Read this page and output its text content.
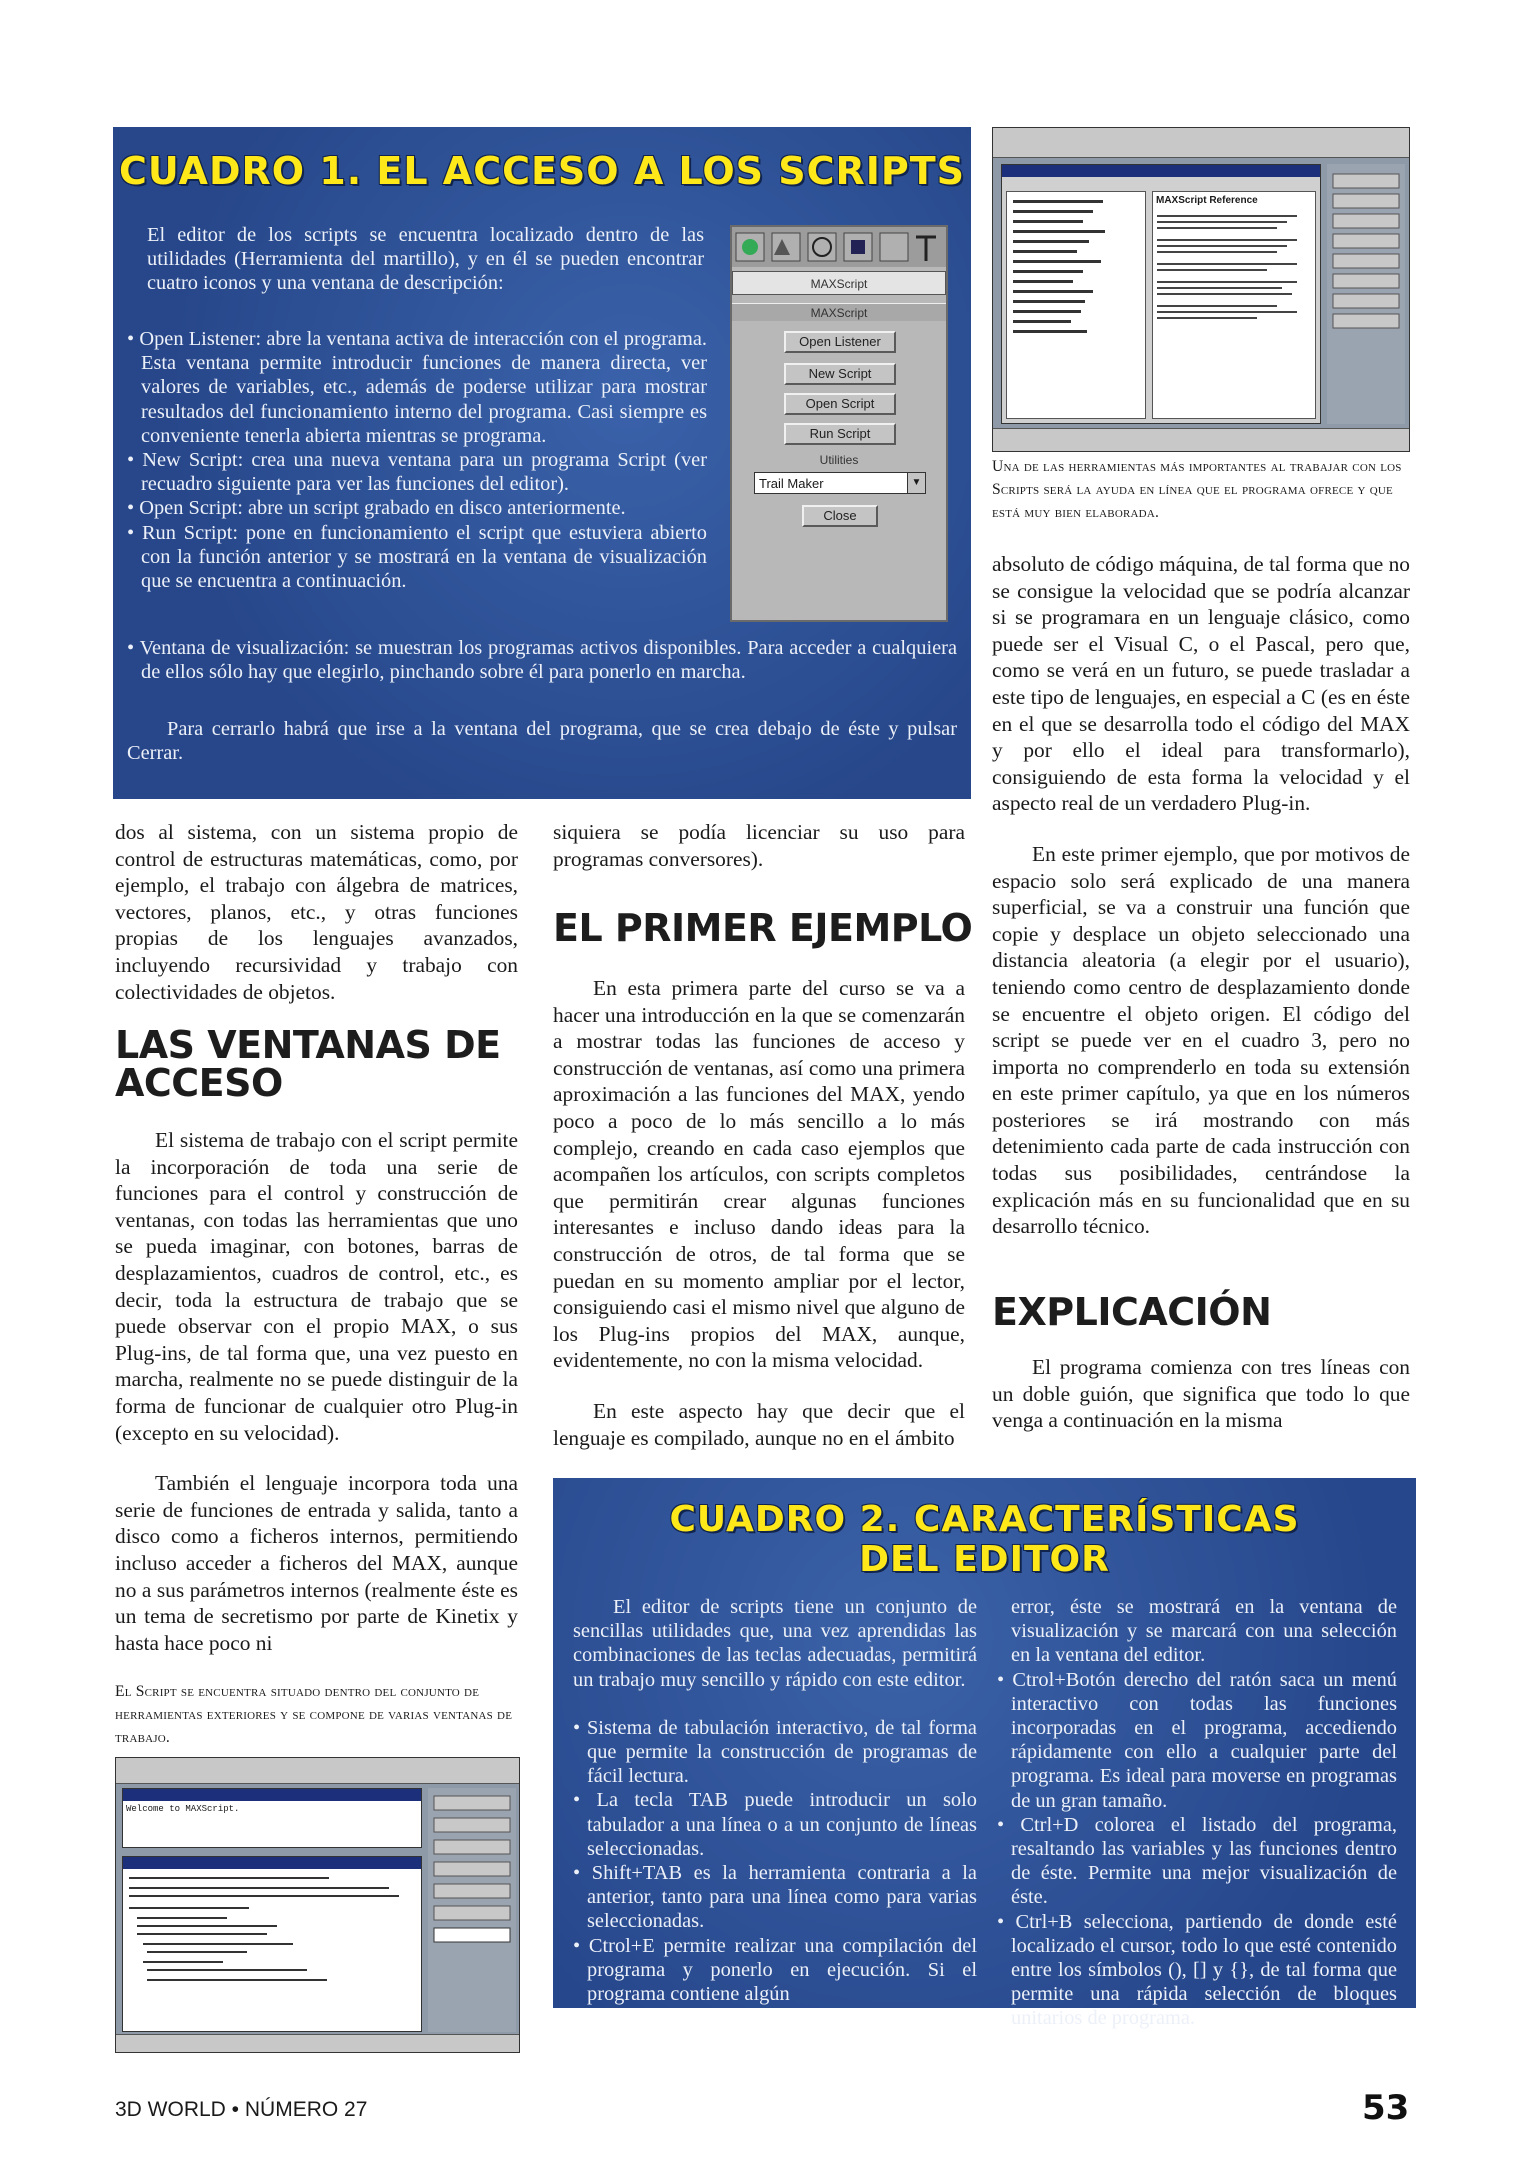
CUADRO 1. EL ACCESO A LOS SCRIPTS
El editor de los scripts se encuentra localizado dentro de las utilidades (Herramienta del martillo), y en él se pueden encontrar cuatro iconos y una ventana de descripción:
• Open Listener: abre la ventana activa de interacción con el programa. Esta ventana permite introducir funciones de manera directa, ver valores de variables, etc., además de poderse utilizar para mostrar resultados del funcionamiento interno del programa. Casi siempre es conveniente tenerla abierta mientras se programa.
• New Script: crea una nueva ventana para un programa Script (ver recuadro siguiente para ver las funciones del editor).
• Open Script: abre un script grabado en disco anteriormente.
• Run Script: pone en funcionamiento el script que estuviera abierto con la función anterior y se mostrará en la ventana de visualización que se encuentra a continuación.
• Ventana de visualización: se muestran los programas activos disponibles. Para acceder a cualquiera de ellos sólo hay que elegirlo, pinchando sobre él para ponerlo en marcha.
Para cerrarlo habrá que irse a la ventana del programa, que se crea debajo de éste y pulsar Cerrar.
MAXScript
MAXScript
Open Listener
New Script
Open Script
Run Script
Utilities
Trail Maker	▼
Close
MAXScript Reference
Una de las herramientas más importantes al trabajar con los Scripts será la ayuda en línea que el programa ofrece y que está muy bien elaborada.

absoluto de código máquina, de tal forma que no se consigue la velocidad que se podría alcanzar si se programara en un lenguaje clásico, como puede ser el Visual C, o el Pascal, pero que, como se verá en un futuro, se puede trasladar a este tipo de lenguajes, en especial a C (es en éste en el que se desarrolla todo el código del MAX y por ello el ideal para transformarlo), consiguiendo de esta forma la velocidad y el aspecto real de un verdadero Plug-in.

En este primer ejemplo, que por motivos de espacio solo será explicado de una manera superficial, se va a construir una función que copie y desplace un objeto seleccionado una distancia aleatoria (a elegir por el usuario), teniendo como centro de desplazamiento donde se encuentre el objeto origen. El código del script se puede ver en el cuadro 3, pero no importa no comprenderlo en toda su extensión en este primer capítulo, ya que en los números posteriores se irá mostrando con más detenimiento cada parte de cada instrucción con todas sus posibilidades, centrándose la explicación más en su funcionalidad que en su desarrollo técnico.

EXPLICACIÓN

El programa comienza con tres líneas con un doble guión, que significa que todo lo que venga a continuación en la misma

dos al sistema, con un sistema propio de control de estructuras matemáticas, como, por ejemplo, el trabajo con álgebra de matrices, vectores, planos, etc., y otras funciones propias de los lenguajes avanzados, incluyendo recursividad y trabajo con colectividades de objetos.

LAS VENTANAS DE ACCESO

El sistema de trabajo con el script permite la incorporación de toda una serie de funciones para el control y construcción de ventanas, con todas las herramientas que uno se pueda imaginar, con botones, barras de desplazamientos, cuadros de control, etc., es decir, toda la estructura de trabajo que se puede observar con el propio MAX, o sus Plug-ins, de tal forma que, una vez puesto en marcha, realmente no se puede distinguir de la forma de funcionar de cualquier otro Plug-in (excepto en su velocidad).

También el lenguaje incorpora toda una serie de funciones de entrada y salida, tanto a disco como a ficheros internos, permitiendo incluso acceder a ficheros del MAX, aunque no a sus parámetros internos (realmente éste es un tema de secretismo por parte de Kinetix y hasta hace poco ni

El Script se encuentra situado dentro del conjunto de herramientas exteriores y se compone de varias ventanas de trabajo.
Welcome to MAXScript.

siquiera se podía licenciar su uso para programas conversores).

EL PRIMER EJEMPLO

En esta primera parte del curso se va a hacer una introducción en la que se comenzarán a mostrar todas las funciones de acceso y construcción de ventanas, así como una primera aproximación a las funciones del MAX, yendo poco a poco de lo más sencillo a lo más complejo, creando en cada caso ejemplos que acompañen los artículos, con scripts completos que permitirán crear algunas funciones interesantes e incluso dando ideas para la construcción de otros, de tal forma que se puedan en su momento ampliar por el lector, consiguiendo casi el mismo nivel que alguno de los Plug-ins propios del MAX, aunque, evidentemente, no con la misma velocidad.

En este aspecto hay que decir que el lenguaje es compilado, aunque no en el ámbito

CUADRO 2. CARACTERÍSTICAS
DEL EDITOR

El editor de scripts tiene un conjunto de sencillas utilidades que, una vez aprendidas las combinaciones de las teclas adecuadas, permitirá un trabajo muy sencillo y rápido con este editor.

• Sistema de tabulación interactivo, de tal forma que permite la construcción de programas de fácil lectura.
• La tecla TAB puede introducir un solo tabulador a una línea o a un conjunto de líneas seleccionadas.
• Shift+TAB es la herramienta contraria a la anterior, tanto para una línea como para varias seleccionadas.
• Ctrol+E permite realizar una compilación del programa y ponerlo en ejecución. Si el programa contiene algún

error, éste se mostrará en la ventana de visualización y se marcará con una selección en la ventana del editor.

• Ctrol+Botón derecho del ratón saca un menú interactivo con todas las funciones incorporadas en el programa, accediendo rápidamente con ello a cualquier parte del programa. Es ideal para moverse en programas de un gran tamaño.
• Ctrl+D colorea el listado del programa, resaltando las variables y las funciones dentro de éste. Permite una mejor visualización de éste.
• Ctrl+B selecciona, partiendo de donde esté localizado el cursor, todo lo que esté contenido entre los símbolos (), [] y {}, de tal forma que permite una rápida selección de bloques unitarios de programa.
3D WORLD • NÚMERO 27	53
